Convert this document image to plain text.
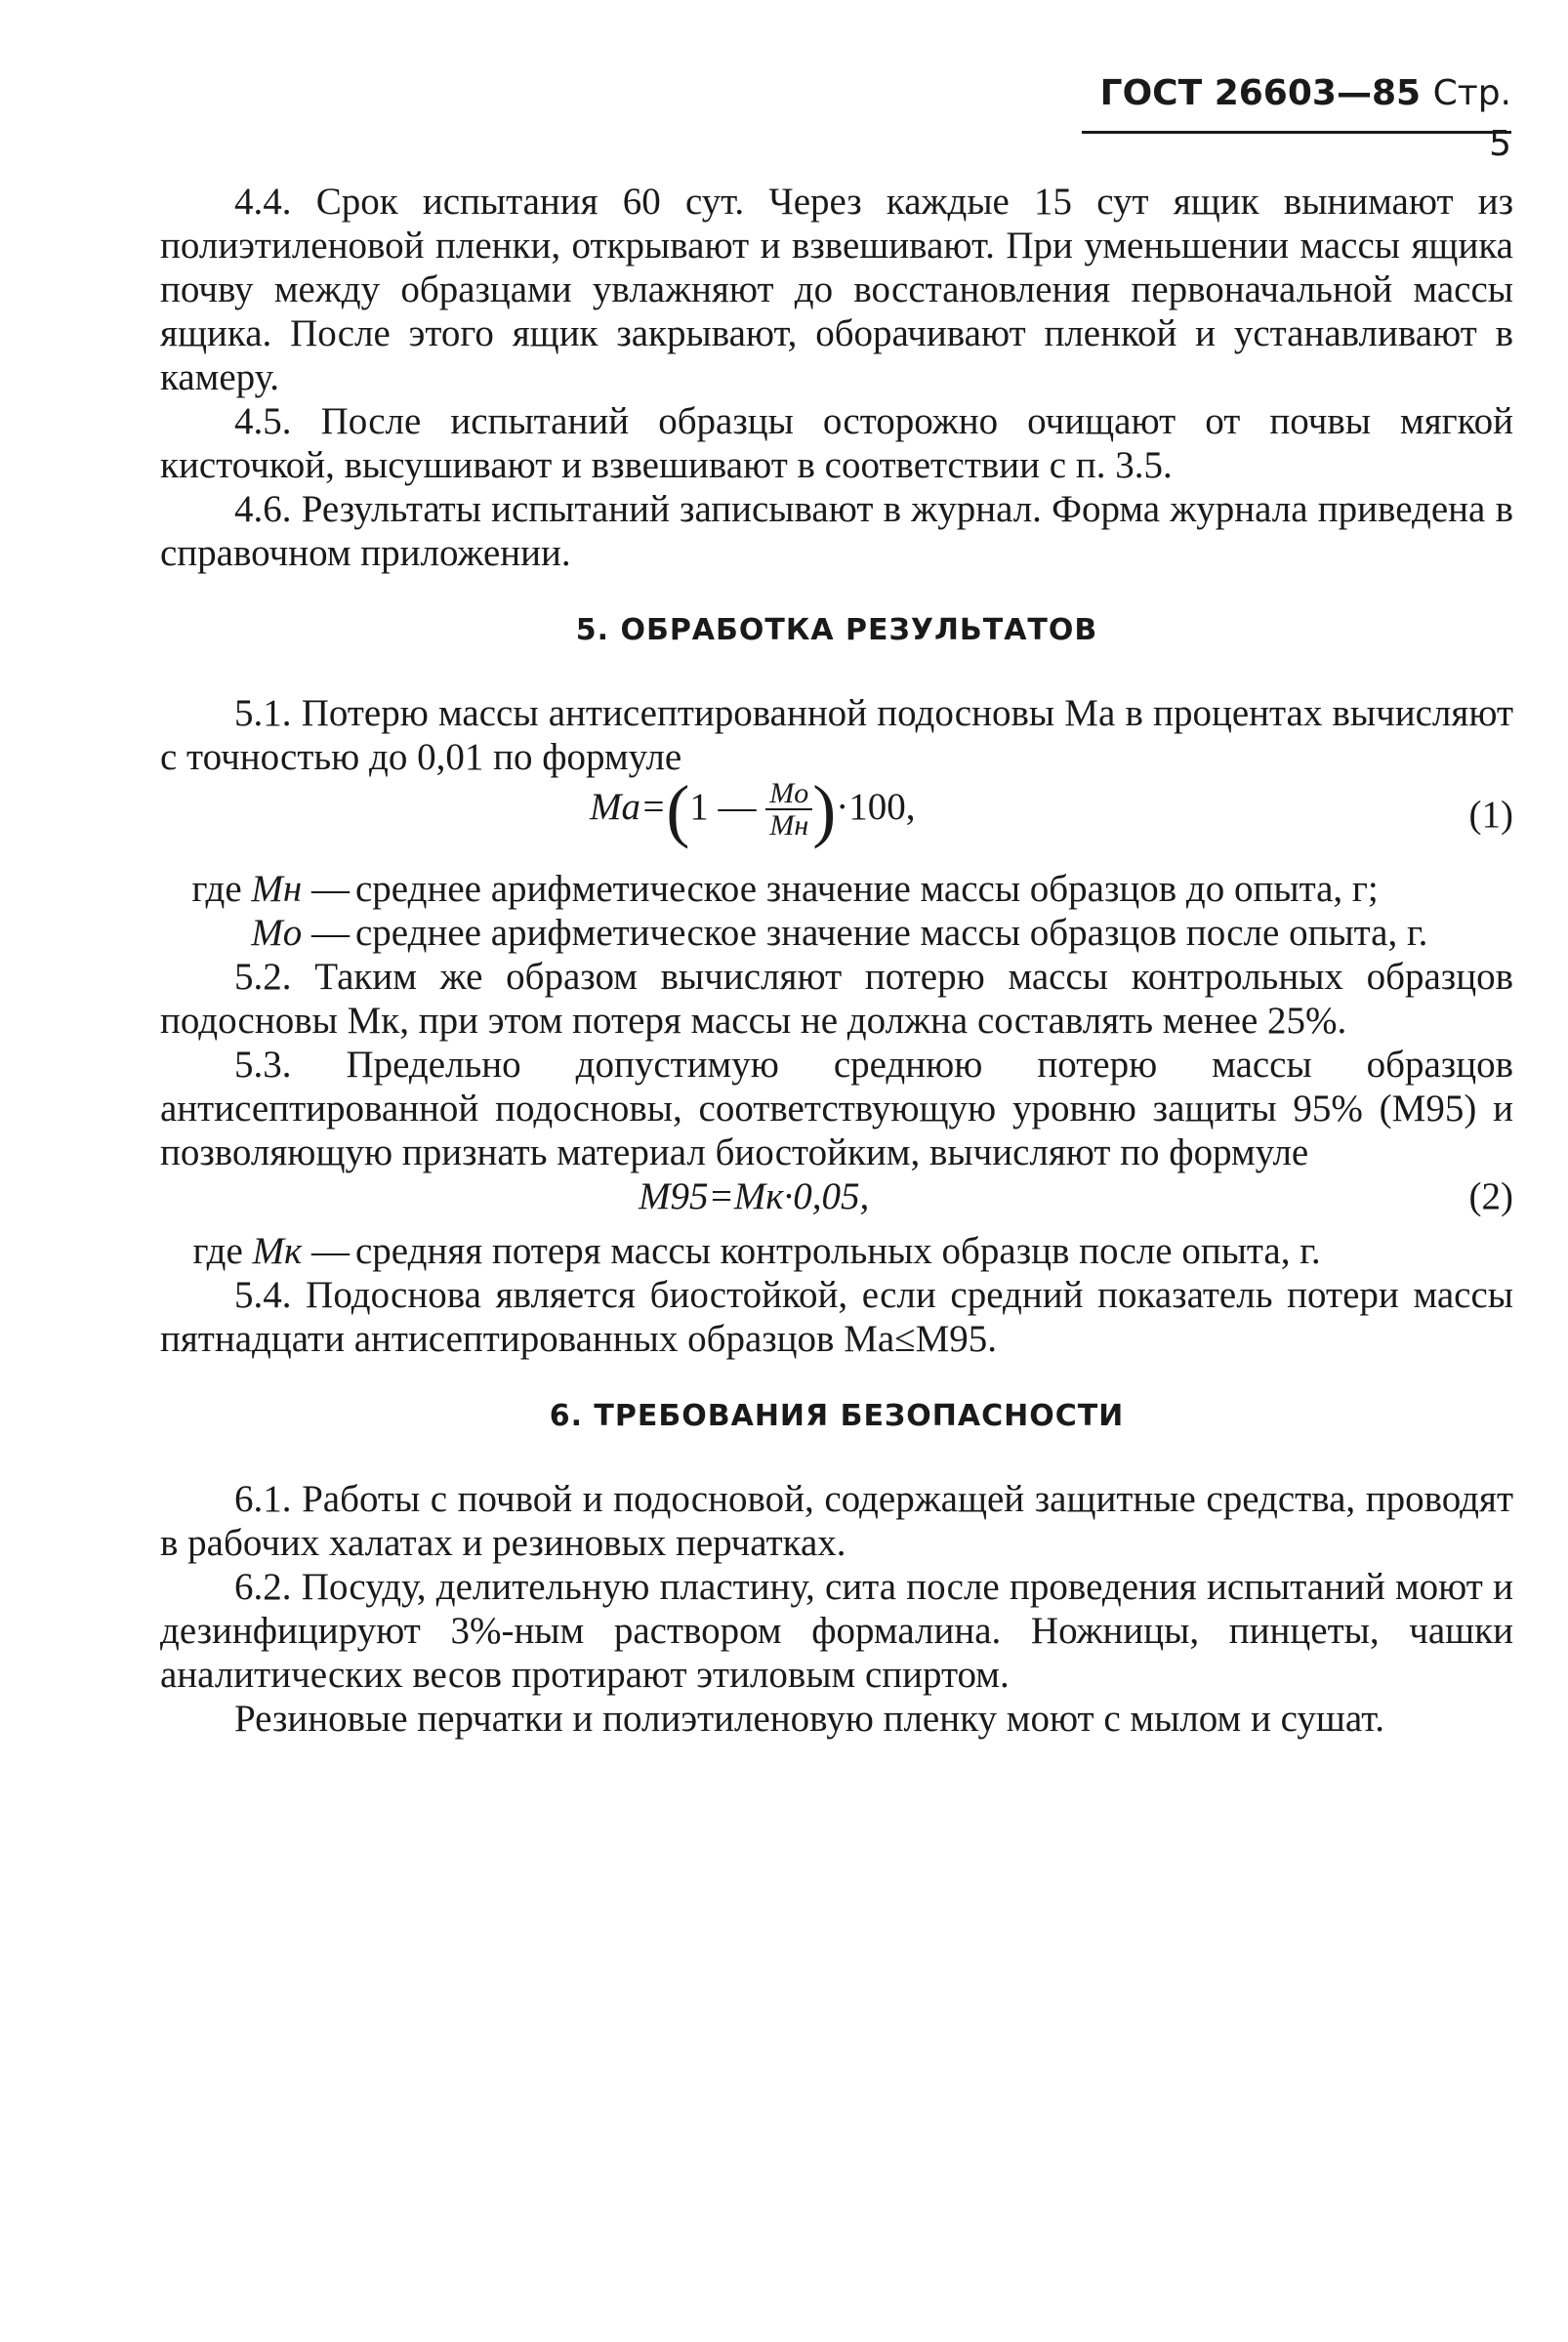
ГОСТ 26603—85 Стр. 5

4.4. Срок испытания 60 сут. Через каждые 15 сут ящик вынимают из полиэтиленовой пленки, открывают и взвешивают. При уменьшении массы ящика почву между образцами увлажняют до восстановления первоначальной массы ящика. После этого ящик закрывают, оборачивают пленкой и устанавливают в камеру.

4.5. После испытаний образцы осторожно очищают от почвы мягкой кисточкой, высушивают и взвешивают в соответствии с п. 3.5.

4.6. Результаты испытаний записывают в журнал. Форма журнала приведена в справочном приложении.

5. ОБРАБОТКА РЕЗУЛЬТАТОВ

5.1. Потерю массы антисептированной подосновы Ма в процентах вычисляют с точностью до 0,01 по формуле

Ma=(1 — $\frac{Mo}{Mн} )\cdot 100$,	(1)
где Mн — среднее арифметическое значение массы образцов до опыта, г;
Mo — среднее арифметическое значение массы образцов после опыта, г.

5.2. Таким же образом вычисляют потерю массы контрольных образцов подосновы Мк, при этом потеря массы не должна составлять менее 25%.

5.3. Предельно допустимую среднюю потерю массы образцов антисептированной подосновы, соответствующую уровню защиты 95% (M95) и позволяющую признать материал биостойким, вычисляют по формуле

M95=Мк·0,05,	(2)
где Мк — средняя потеря массы контрольных образцв после опыта, г.

5.4. Подоснова является биостойкой, если средний показатель потери массы пятнадцати антисептированных образцов Ма≤М95.

6. ТРЕБОВАНИЯ БЕЗОПАСНОСТИ

6.1. Работы с почвой и подосновой, содержащей защитные средства, проводят в рабочих халатах и резиновых перчатках.

6.2. Посуду, делительную пластину, сита после проведения испытаний моют и дезинфицируют 3%-ным раствором формалина. Ножницы, пинцеты, чашки аналитических весов протирают этиловым спиртом.

Резиновые перчатки и полиэтиленовую пленку моют с мылом и сушат.
